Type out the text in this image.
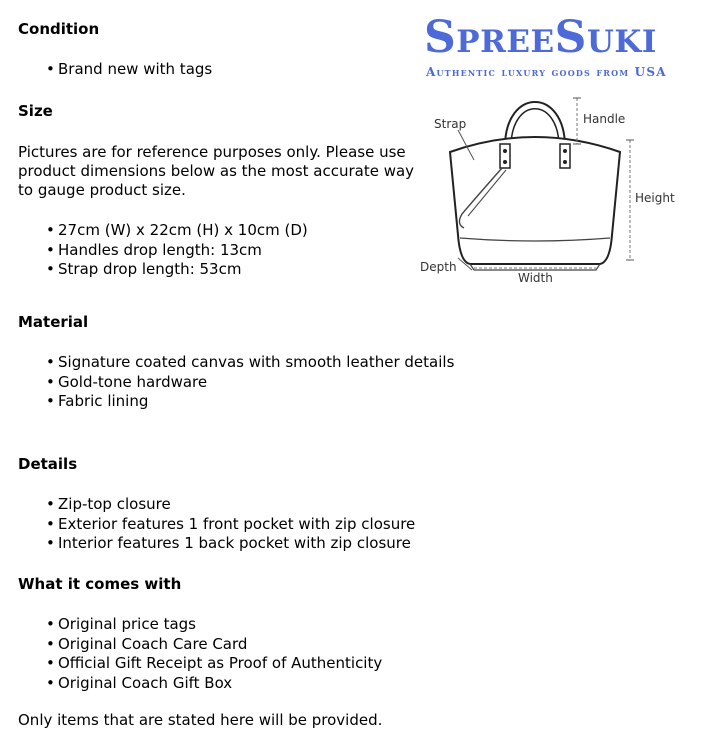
Condition
• Brand new with tags
Size

Pictures are for reference purposes only. Please use product dimensions below as the most accurate way to gauge product size.

• 27cm (W) x 22cm (H) x 10cm (D)
• Handles drop length: 13cm
• Strap drop length: 53cm
Material
• Signature coated canvas with smooth leather details
• Gold-tone hardware
• Fabric lining
Details
• Zip-top closure
• Exterior features 1 front pocket with zip closure
• Interior features 1 back pocket with zip closure
What it comes with
• Original price tags
• Original Coach Care Card
• Official Gift Receipt as Proof of Authenticity
• Original Coach Gift Box
Only items that are stated here will be provided.
SpreeSuki
Authentic luxury goods from USA
Strap	Handle
Height
Width
Depth
